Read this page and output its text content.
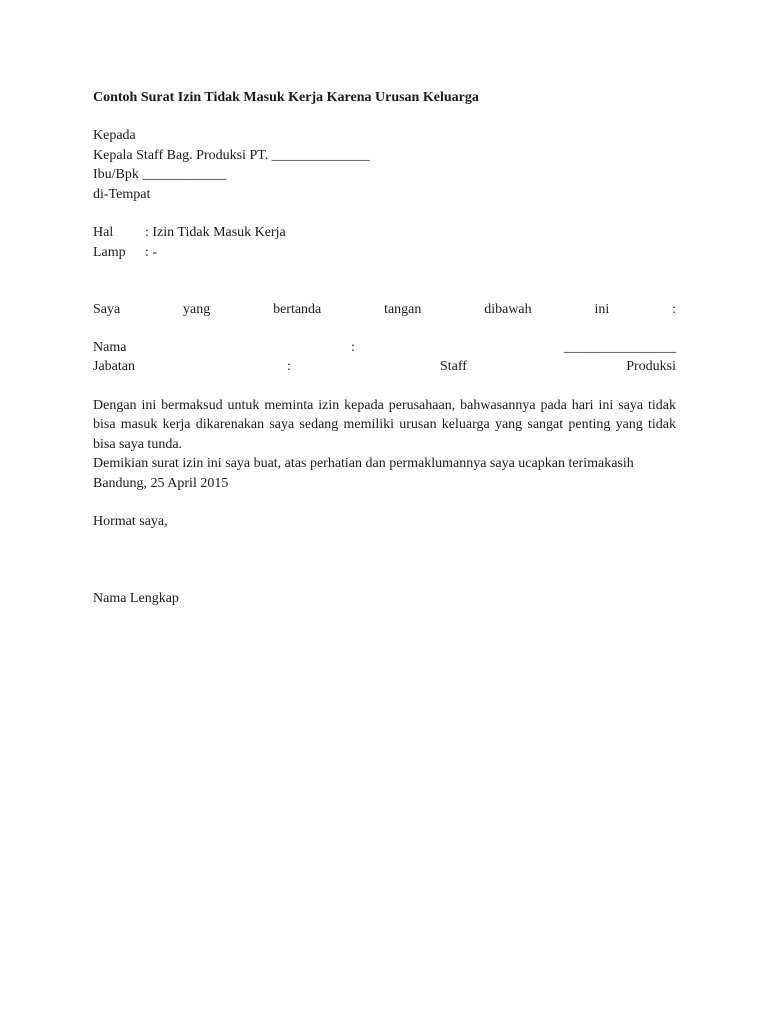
Contoh Surat Izin Tidak Masuk Kerja Karena Urusan Keluarga
Kepada
Kepala Staff Bag. Produksi PT. ______________
Ibu/Bpk ____________
di-Tempat
Hal	: Izin Tidak Masuk Kerja
Lamp	: -
Saya	yang	bertanda	tangan	dibawah	ini	:
Nama	:	________________
Jabatan	:	Staff	Produksi
Dengan ini bermaksud untuk meminta izin kepada perusahaan, bahwasannya pada hari ini saya tidak bisa masuk kerja dikarenakan saya sedang memiliki urusan keluarga yang sangat penting yang tidak bisa saya tunda.
Demikian surat izin ini saya buat, atas perhatian dan permaklumannya saya ucapkan terimakasih
Bandung, 25 April 2015
Hormat saya,
Nama Lengkap
